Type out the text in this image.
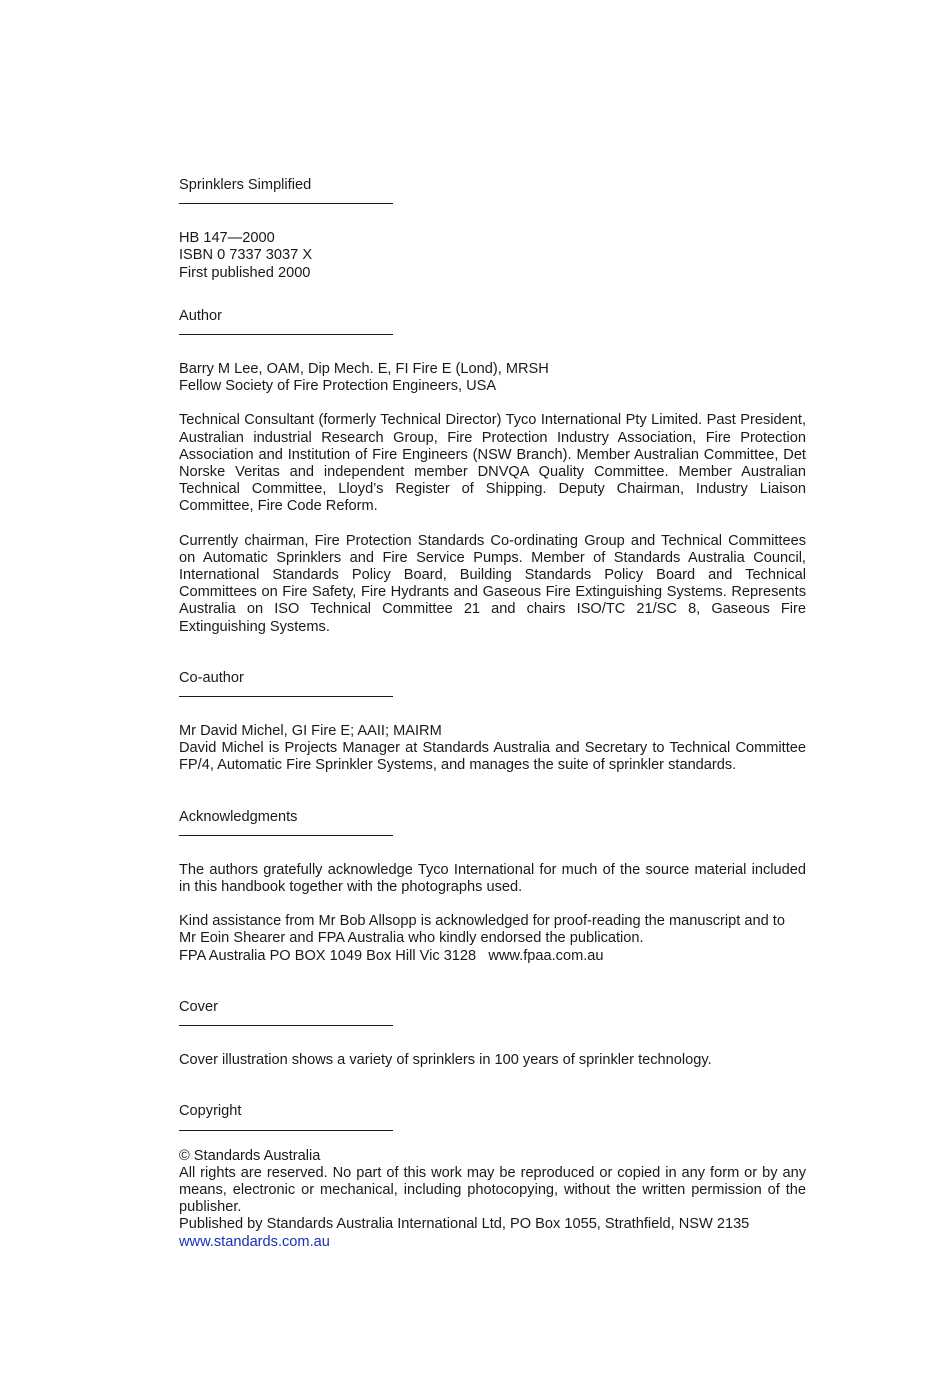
Sprinklers Simplified
HB 147—2000
ISBN 0 7337 3037 X
First published 2000
Author
Barry M Lee, OAM, Dip Mech. E, FI Fire E (Lond), MRSH
Fellow Society of Fire Protection Engineers, USA

Technical Consultant (formerly Technical Director) Tyco International Pty Limited. Past President, Australian industrial Research Group, Fire Protection Industry Association, Fire Protection Association and Institution of Fire Engineers (NSW Branch). Member Australian Committee, Det Norske Veritas and independent member DNVQA Quality Committee. Member Australian Technical Committee, Lloyd’s Register of Shipping. Deputy Chairman, Industry Liaison Committee, Fire Code Reform.

Currently chairman, Fire Protection Standards Co-ordinating Group and Technical Committees on Automatic Sprinklers and Fire Service Pumps. Member of Standards Australia Council, International Standards Policy Board, Building Standards Policy Board and Technical Committees on Fire Safety, Fire Hydrants and Gaseous Fire Extinguishing Systems. Represents Australia on ISO Technical Committee 21 and chairs ISO/TC 21/SC 8, Gaseous Fire Extinguishing Systems.

Co-author
Mr David Michel, GI Fire E; AAII; MAIRM

David Michel is Projects Manager at Standards Australia and Secretary to Technical Committee FP/4, Automatic Fire Sprinkler Systems, and manages the suite of sprinkler standards.

Acknowledgments

The authors gratefully acknowledge Tyco International for much of the source material included in this handbook together with the photographs used.

Kind assistance from Mr Bob Allsopp is acknowledged for proof-reading the manuscript and to Mr Eoin Shearer and FPA Australia who kindly endorsed the publication.

FPA Australia PO BOX 1049 Box Hill Vic 3128   www.fpaa.com.au
Cover

Cover illustration shows a variety of sprinklers in 100 years of sprinkler technology.

Copyright
© Standards Australia

All rights are reserved. No part of this work may be reproduced or copied in any form or by any means, electronic or mechanical, including photocopying, without the written permission of the publisher.

Published by Standards Australia International Ltd, PO Box 1055, Strathfield, NSW 2135
www.standards.com.au
